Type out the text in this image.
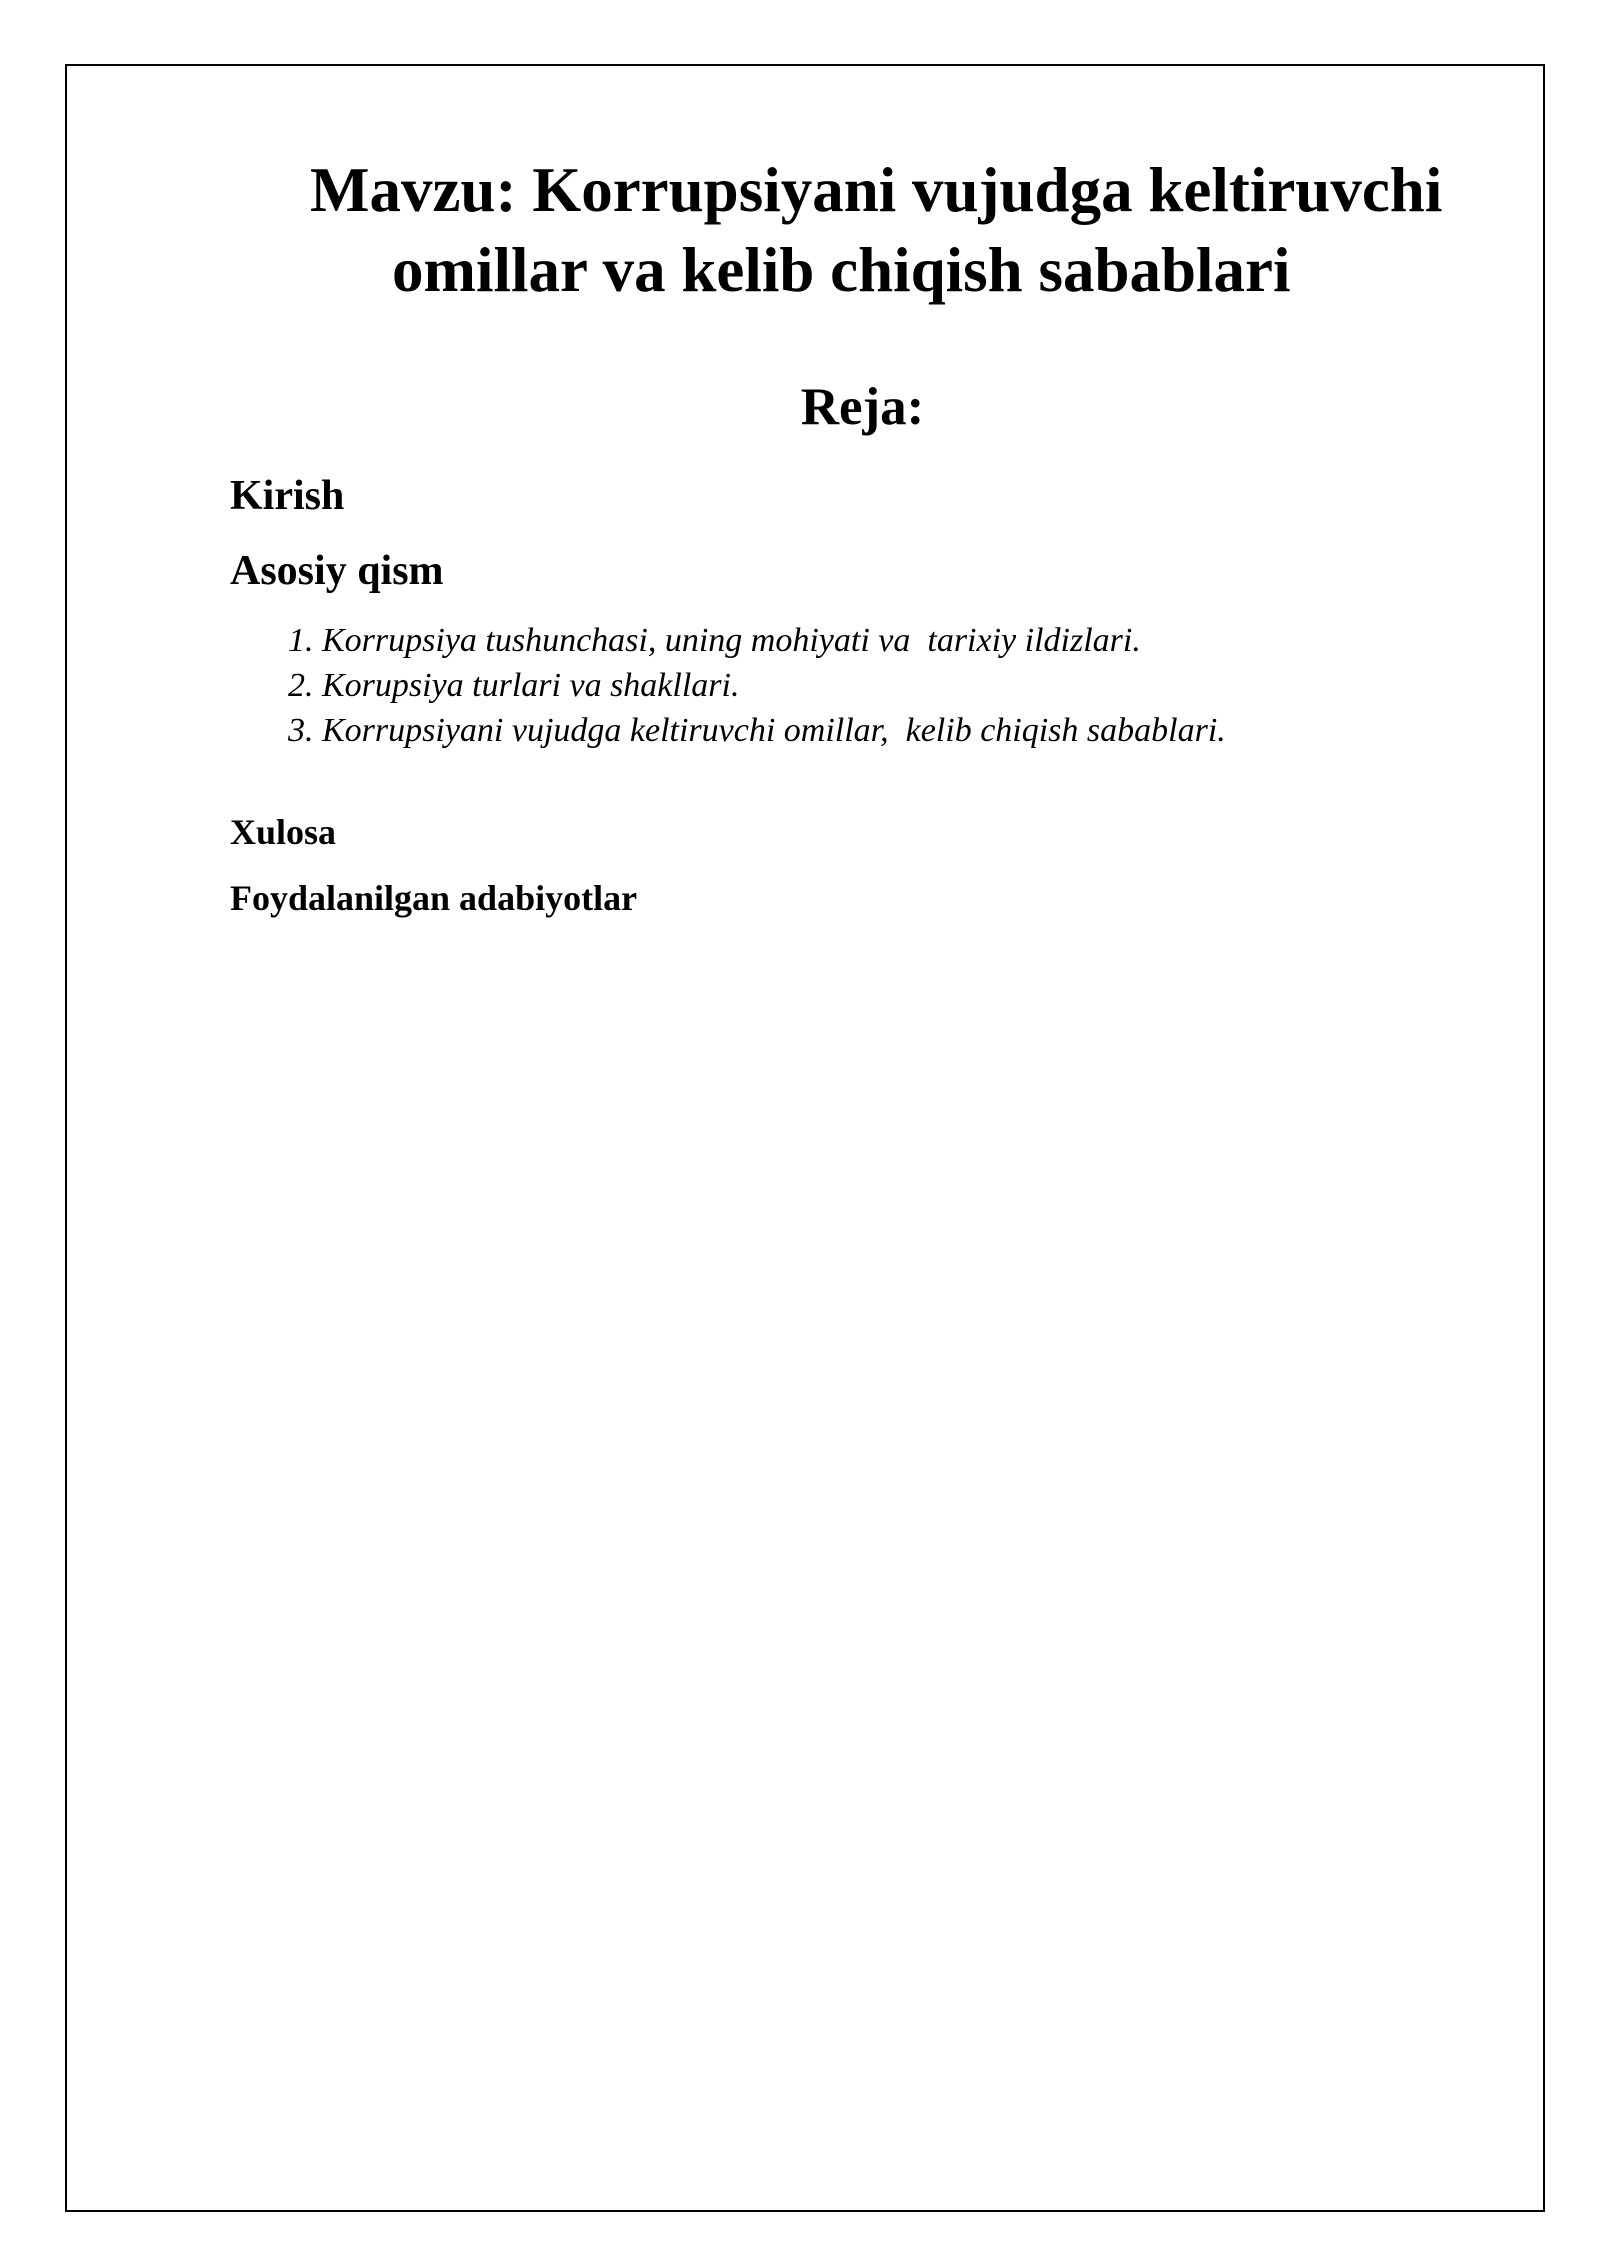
Mavzu: Korrupsiyani vujudga keltiruvchi
omillar va kelib chiqish sabablari
Reja:
Kirish
Asosiy qism
1. Korrupsiya tushunchasi, uning mohiyati va  tarixiy ildizlari.
2. Korupsiya turlari va shakllari.
3. Korrupsiyani vujudga keltiruvchi omillar,  kelib chiqish sabablari.
Xulosa
Foydalanilgan adabiyotlar
